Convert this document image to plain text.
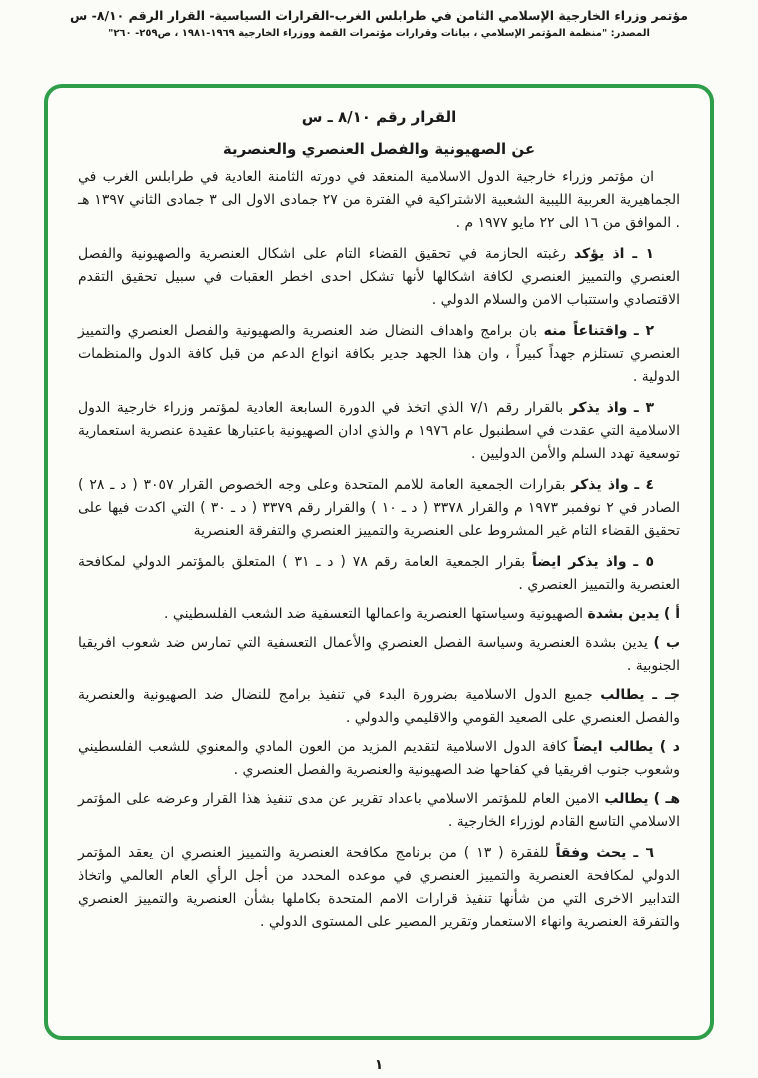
مؤتمر وزراء الخارجية الإسلامي الثامن في طرابلس الغرب-القرارات السياسية- القرار الرقم ٨/١٠- س
المصدر: "منظمة المؤتمر الإسلامي ، بيانات وقرارات مؤتمرات القمة ووزراء الخارجية ١٩٦٩-١٩٨١ ، ص٢٥٩- ٢٦٠"
القرار رقم ٨/١٠ ـ س
عن الصهيونية والفصل العنصري والعنصرية

ان مؤتمر وزراء خارجية الدول الاسلامية المنعقد في دورته الثامنة العادية في طرابلس الغرب في الجماهيرية العربية الليبية الشعبية الاشتراكية في الفترة من ٢٧ جمادى الاول الى ٣ جمادى الثاني ١٣٩٧ هـ . الموافق من ١٦ الى ٢٢ مايو ١٩٧٧ م .

١ ـ اذ يؤكد رغبته الحازمة في تحقيق القضاء التام على اشكال العنصرية والصهيونية والفصل العنصري والتمييز العنصري لكافة اشكالها لأنها تشكل احدى اخطر العقبات في سبيل تحقيق التقدم الاقتصادي واستتباب الامن والسلام الدولي .

٢ ـ واقتناعاً منه بان برامج واهداف النضال ضد العنصرية والصهيونية والفصل العنصري والتمييز العنصري تستلزم جهداً كبيراً ، وان هذا الجهد جدير بكافة انواع الدعم من قبل كافة الدول والمنظمات الدولية .

٣ ـ واذ يذكر بالقرار رقم ٧/١ الذي اتخذ في الدورة السابعة العادية لمؤتمر وزراء خارجية الدول الاسلامية التي عقدت في اسطنبول عام ١٩٧٦ م والذي ادان الصهيونية باعتبارها عقيدة عنصرية استعمارية توسعية تهدد السلم والأمن الدوليين .

٤ ـ واذ يذكر بقرارات الجمعية العامة للامم المتحدة وعلى وجه الخصوص القرار ٣٠٥٧ ( د ـ ٢٨ ) الصادر في ٢ نوفمبر ١٩٧٣ م والقرار ٣٣٧٨ ( د ـ ١٠ ) والقرار رقم ٣٣٧٩ ( د ـ ٣٠ ) التي اكدت فيها على تحقيق القضاء التام غير المشروط على العنصرية والتمييز العنصري والتفرقة العنصرية

٥ ـ واذ يذكر ايضاً بقرار الجمعية العامة رقم ٧٨ ( د ـ ٣١ ) المتعلق بالمؤتمر الدولي لمكافحة العنصرية والتمييز العنصري .

أ ) يدين بشدة الصهيونية وسياستها العنصرية واعمالها التعسفية ضد الشعب الفلسطيني .

ب ) يدين بشدة العنصرية وسياسة الفصل العنصري والأعمال التعسفية التي تمارس ضد شعوب افريقيا الجنوبية .

جـ ـ يطالب جميع الدول الاسلامية بضرورة البدء في تنفيذ برامج للنضال ضد الصهيونية والعنصرية والفصل العنصري على الصعيد القومي والاقليمي والدولي .

د ) يطالب ايضاً كافة الدول الاسلامية لتقديم المزيد من العون المادي والمعنوي للشعب الفلسطيني وشعوب جنوب افريقيا في كفاحها ضد الصهيونية والعنصرية والفصل العنصري .

هـ ) يطالب الامين العام للمؤتمر الاسلامي باعداد تقرير عن مدى تنفيذ هذا القرار وعرضه على المؤتمر الاسلامي التاسع القادم لوزراء الخارجية .

٦ ـ يحث وفقاً للفقرة ( ١٣ ) من برنامج مكافحة العنصرية والتمييز العنصري ان يعقد المؤتمر الدولي لمكافحة العنصرية والتمييز العنصري في موعده المحدد من أجل الرأي العام العالمي واتخاذ التدابير الاخرى التي من شأنها تنفيذ قرارات الامم المتحدة بكاملها بشأن العنصرية والتمييز العنصري والتفرقة العنصرية وانهاء الاستعمار وتقرير المصير على المستوى الدولي .

١
